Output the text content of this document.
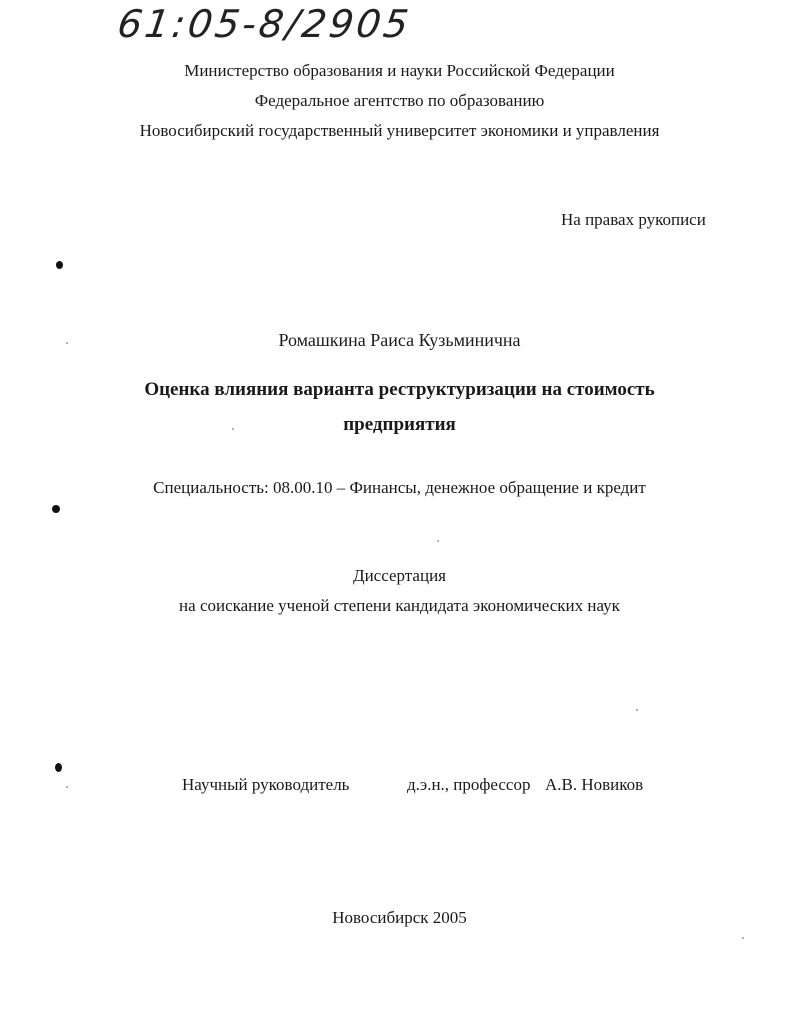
61:05-8/2905
Министерство образования и науки Российской Федерации
Федеральное агентство по образованию
Новосибирский государственный университет экономики и управления
На правах рукописи
Ромашкина Раиса Кузьминична
Оценка влияния варианта реструктуризации на стоимость
предприятия
Специальность: 08.00.10 – Финансы, денежное обращение и кредит
Диссертация
на соискание ученой степени кандидата экономических наук
Научный руководитель	д.э.н., профессор А.В. Новиков
Новосибирск 2005
